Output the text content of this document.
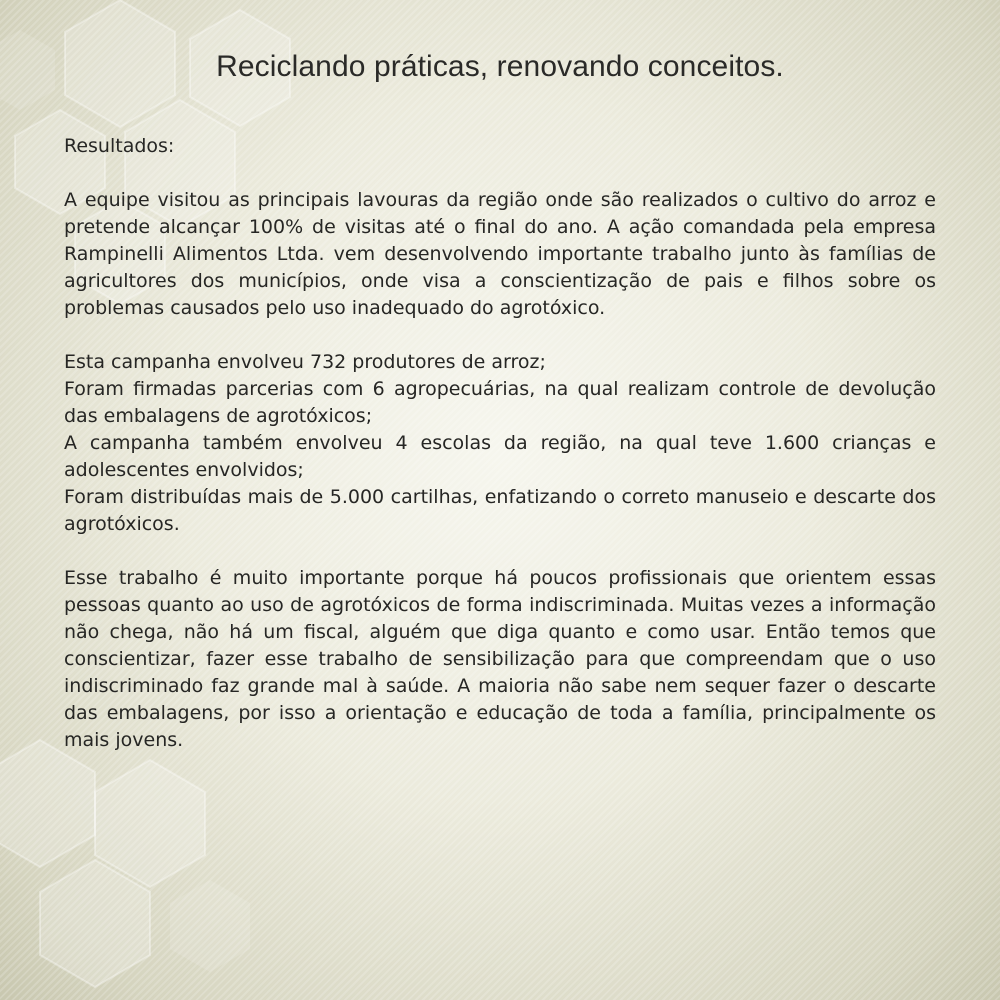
Reciclando práticas, renovando conceitos.

Resultados:

A equipe visitou as principais lavouras da região onde são realizados o cultivo do arroz e pretende alcançar 100% de visitas até o final do ano. A ação comandada pela empresa Rampinelli Alimentos Ltda. vem desenvolvendo importante trabalho junto às famílias de agricultores dos municípios, onde visa a conscientização de pais e filhos sobre os problemas causados pelo uso inadequado do agrotóxico.

Esta campanha envolveu 732 produtores de arroz;

Foram firmadas parcerias com 6 agropecuárias, na qual realizam controle de devolução das embalagens de agrotóxicos;

A campanha também envolveu 4 escolas da região, na qual teve 1.600 crianças e adolescentes envolvidos;

Foram distribuídas mais de 5.000 cartilhas, enfatizando o correto manuseio e descarte dos agrotóxicos.

Esse trabalho é muito importante porque há poucos profissionais que orientem essas pessoas quanto ao uso de agrotóxicos de forma indiscriminada. Muitas vezes a informação não chega, não há um fiscal, alguém que diga quanto e como usar. Então temos que conscientizar, fazer esse trabalho de sensibilização para que compreendam que o uso indiscriminado faz grande mal à saúde. A maioria não sabe nem sequer fazer o descarte das embalagens, por isso a orientação e educação de toda a família, principalmente os mais jovens.
